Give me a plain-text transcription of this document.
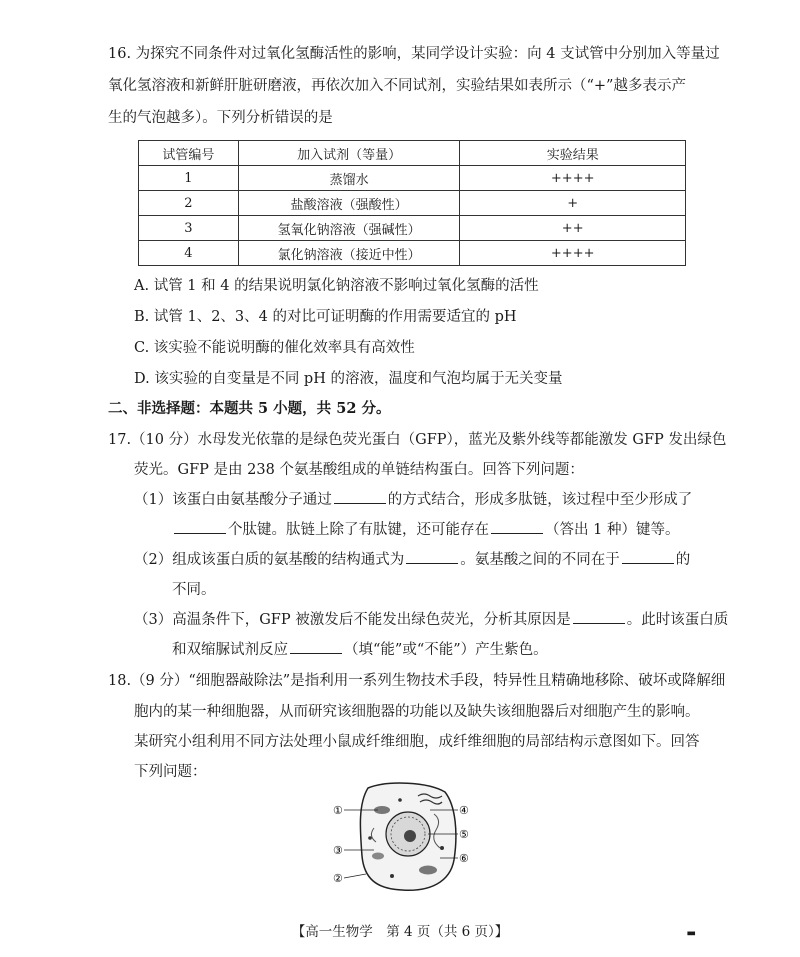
16. 为探究不同条件对过氧化氢酶活性的影响，某同学设计实验：向 4 支试管中分别加入等量过
氧化氢溶液和新鲜肝脏研磨液，再依次加入不同试剂，实验结果如表所示（“+”越多表示产
生的气泡越多）。下列分析错误的是
试管编号	加入试剂（等量）	实验结果
1	蒸馏水	++++
2	盐酸溶液（强酸性）	+
3	氢氧化钠溶液（强碱性）	++
4	氯化钠溶液（接近中性）	++++
A. 试管 1 和 4 的结果说明氯化钠溶液不影响过氧化氢酶的活性
B. 试管 1、2、3、4 的对比可证明酶的作用需要适宜的 pH
C. 该实验不能说明酶的催化效率具有高效性
D. 该实验的自变量是不同 pH 的溶液，温度和气泡均属于无关变量
二、非选择题：本题共 5 小题，共 52 分。
17.（10 分）水母发光依靠的是绿色荧光蛋白（GFP），蓝光及紫外线等都能激发 GFP 发出绿色
荧光。GFP 是由 238 个氨基酸组成的单链结构蛋白。回答下列问题：
（1）该蛋白由氨基酸分子通过	的方式结合，形成多肽链，该过程中至少形成了
个肽键。肽链上除了有肽键，还可能存在	（答出 1 种）键等。
（2）组成该蛋白质的氨基酸的结构通式为	。氨基酸之间的不同在于	的
不同。
（3）高温条件下，GFP 被激发后不能发出绿色荧光，分析其原因是	。此时该蛋白质
和双缩脲试剂反应	（填“能”或“不能”）产生紫色。
18.（9 分）“细胞器敲除法”是指利用一系列生物技术手段，特异性且精确地移除、破坏或降解细
胞内的某一种细胞器，从而研究该细胞器的功能以及缺失该细胞器后对细胞产生的影响。
某研究小组利用不同方法处理小鼠成纤维细胞，成纤维细胞的局部结构示意图如下。回答
下列问题：
①
②
③
④
⑤
⑥
【高一生物学　第 4 页（共 6 页）】	▬
